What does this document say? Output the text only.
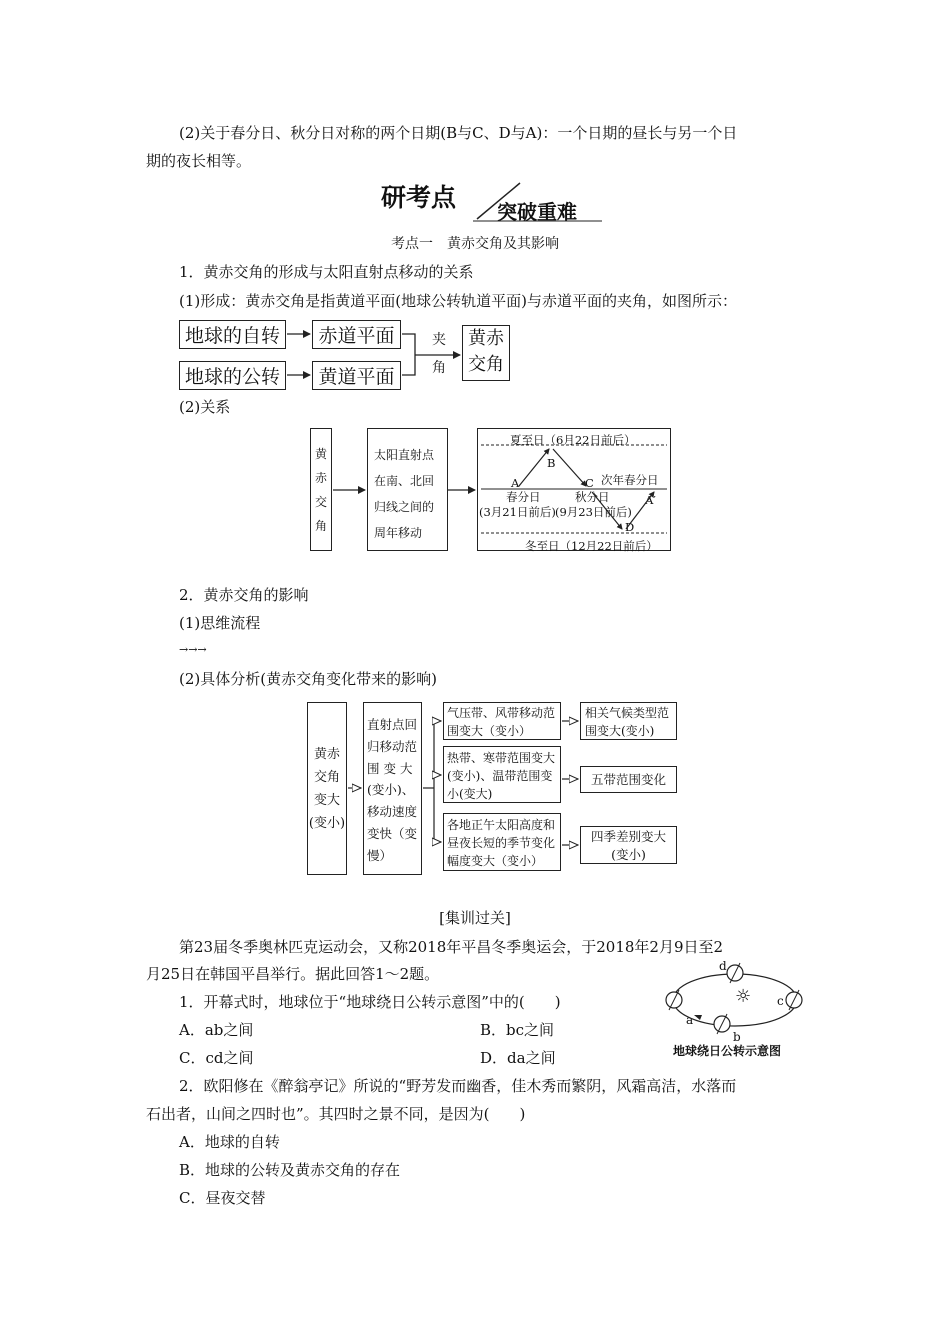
(2)关于春分日、秋分日对称的两个日期(B与C、D与A)：一个日期的昼长与另一个日
期的夜长相等。
研考点 突破重难
考点一　黄赤交角及其影响
1．黄赤交角的形成与太阳直射点移动的关系
(1)形成：黄赤交角是指黄道平面(地球公转轨道平面)与赤道平面的夹角，如图所示：
地球的自转	赤道平面
地球的公转	黄道平面
夹
角
黄赤
交角
(2)关系
黄
赤
交
角
太阳直射点
在南、北回
归线之间的
周年移动
夏至日（6月22日前后）
冬至日（12月22日前后）
A
B
C
D
A′
春分日
(3月21日前后)
秋分日
(9月23日前后)
次年春分日
2．黄赤交角的影响
(1)思维流程
→→→
(2)具体分析(黄赤交角变化带来的影响)
黄赤
交角
变大
(变小)
直射点回
归移动范
围 变 大
(变小)、
移动速度
变快（变
慢）
气压带、风带移动范
围变大（变小）
热带、寒带范围变大
(变小)、温带范围变
小(变大)
各地正午太阳高度和
昼夜长短的季节变化
幅度变大（变小）
相关气候类型范
围变大(变小)
五带范围变化
四季差别变大
(变小)
[集训过关]
第23届冬季奥林匹克运动会，又称2018年平昌冬季奥运会，于2018年2月9日至2
月25日在韩国平昌举行。据此回答1～2题。
1．开幕式时，地球位于“地球绕日公转示意图”中的(　　)
A．ab之间	B．bc之间
C．cd之间	D．da之间
a
b
c
d
☼
地球绕日公转示意图
2．欧阳修在《醉翁亭记》所说的“野芳发而幽香，佳木秀而繁阴，风霜高洁，水落而
石出者，山间之四时也”。其四时之景不同，是因为(　　)
A．地球的自转
B．地球的公转及黄赤交角的存在
C．昼夜交替
